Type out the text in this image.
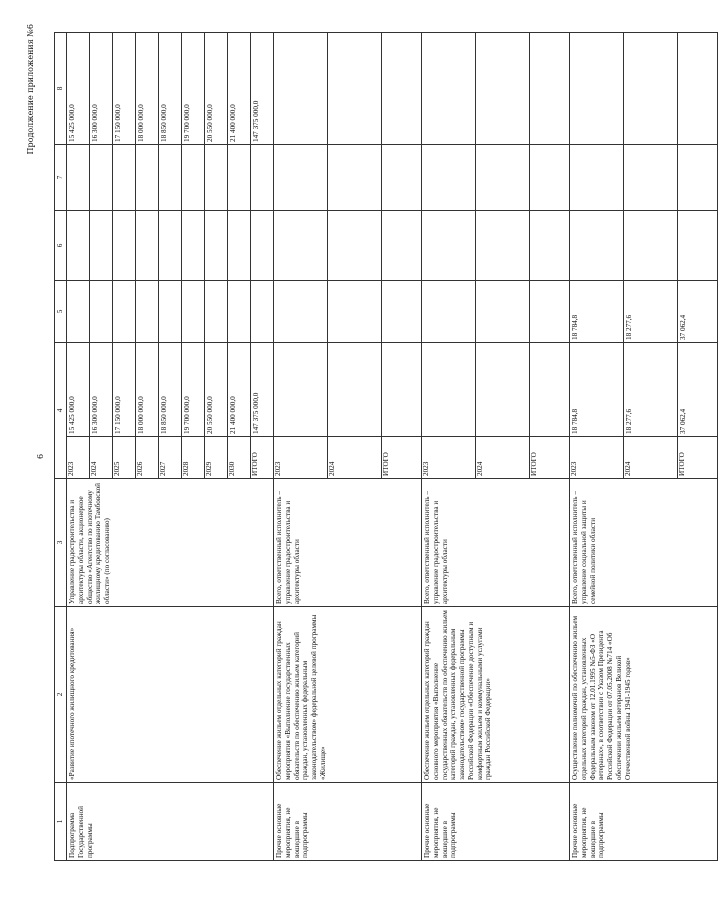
6
Продолжение приложения №6
1	2	3	4		5	6	7	8
Подпрограмма Государственной программы	«Развитие ипотечного жилищного кредитования»	Управление градостроительства и архитектуры области, акционерное общество «Агентство по ипотечному жилищному кредитованию Тамбовской области» (по согласованию)	2023	15 425 000,0				15 425 000,0
			2024	16 300 000,0				16 300 000,0
			2025	17 150 000,0				17 150 000,0
			2026	18 000 000,0				18 000 000,0
			2027	18 850 000,0				18 850 000,0
			2028	19 700 000,0				19 700 000,0
			2029	20 550 000,0				20 550 000,0
			2030	21 400 000,0				21 400 000,0
			ИТОГО	147 375 000,0				147 375 000,0
Прочие основные мероприятия, не вошедшие в подпрограммы	Обеспечение жильем отдельных категорий граждан мероприятия «Выполнение государственных обязательств по обеспечению жильем категорий граждан, установленных федеральным законодательством» федеральной целевой программы «Жилище»	Всего, ответственный исполнитель – управление градостроительства и архитектуры области	2023					
			2024					
			ИТОГО					
Прочие основные мероприятия, не вошедшие в подпрограммы	Обеспечение жильем отдельных категорий граждан основного мероприятия «Выполнение государственных обязательств по обеспечению жильем категорий граждан, установленных федеральным законодательством» государственной программы Российской Федерации «Обеспечение доступным и комфортным жильем и коммунальными услугами граждан Российской Федерации»	Всего, ответственный исполнитель – управление градостроительства и архитектуры области	2023					
			2024					
			ИТОГО					
Прочие основные мероприятия, не вошедшие в подпрограммы	Осуществление полномочий по обеспечению жильем отдельных категорий граждан, установленных Федеральным законом от 12.01.1995 №5-ФЗ «О ветеранах», в соответствии с Указом Президента Российской Федерации от 07.05.2008 №714 «Об обеспечении жильем ветеранов Великой Отечественной войны 1941-1945 годов»	Всего, ответственный исполнитель – управление социальной защиты и семейной политики области	2023	18 784,8	18 784,8			
			2024	18 277,6	18 277,6			
			ИТОГО	37 062,4	37 062,4			
